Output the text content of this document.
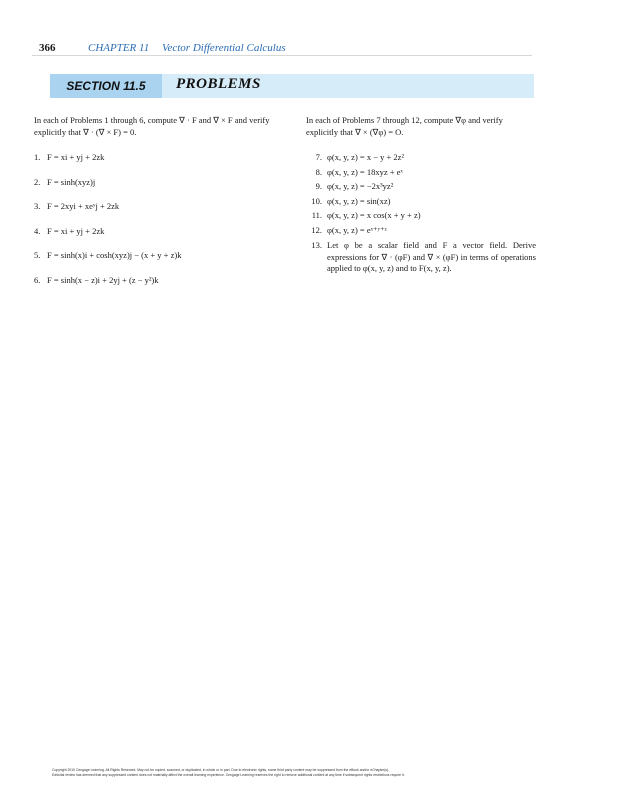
366	CHAPTER 11 Vector Differential Calculus
SECTION 11.5 PROBLEMS

In each of Problems 1 through 6, compute ∇ · F and ∇ × F and verify explicitly that ∇ · (∇ × F) = 0.

1. F = xi + yj + 2zk
2. F = sinh(xyz)j
3. F = 2xyi + xeʸj + 2zk
4. F = xi + yj + 2zk
5. F = sinh(x)i + cosh(xyz)j − (x + y + z)k
6. F = sinh(x − z)i + 2yj + (z − y²)k

In each of Problems 7 through 12, compute ∇φ and verify explicitly that ∇ × (∇φ) = O.

7. φ(x, y, z) = x − y + 2z²
8. φ(x, y, z) = 18xyz + eˣ
9. φ(x, y, z) = −2x³yz²
10. φ(x, y, z) = sin(xz)
11. φ(x, y, z) = x cos(x + y + z)
12. φ(x, y, z) = eˣ⁺ʸ⁺ᶻ
13. Let φ be a scalar field and F a vector field. Derive expressions for ∇ · (φF) and ∇ × (φF) in terms of operations applied to φ(x, y, z) and to F(x, y, z).
Copyright 2010 Cengage Learning. All Rights Reserved. May not be copied, scanned, or duplicated, in whole or in part. Due to electronic rights, some third party content may be suppressed from the eBook and/or eChapter(s).
Editorial review has deemed that any suppressed content does not materially affect the overall learning experience. Cengage Learning reserves the right to remove additional content at any time if subsequent rights restrictions require it.
